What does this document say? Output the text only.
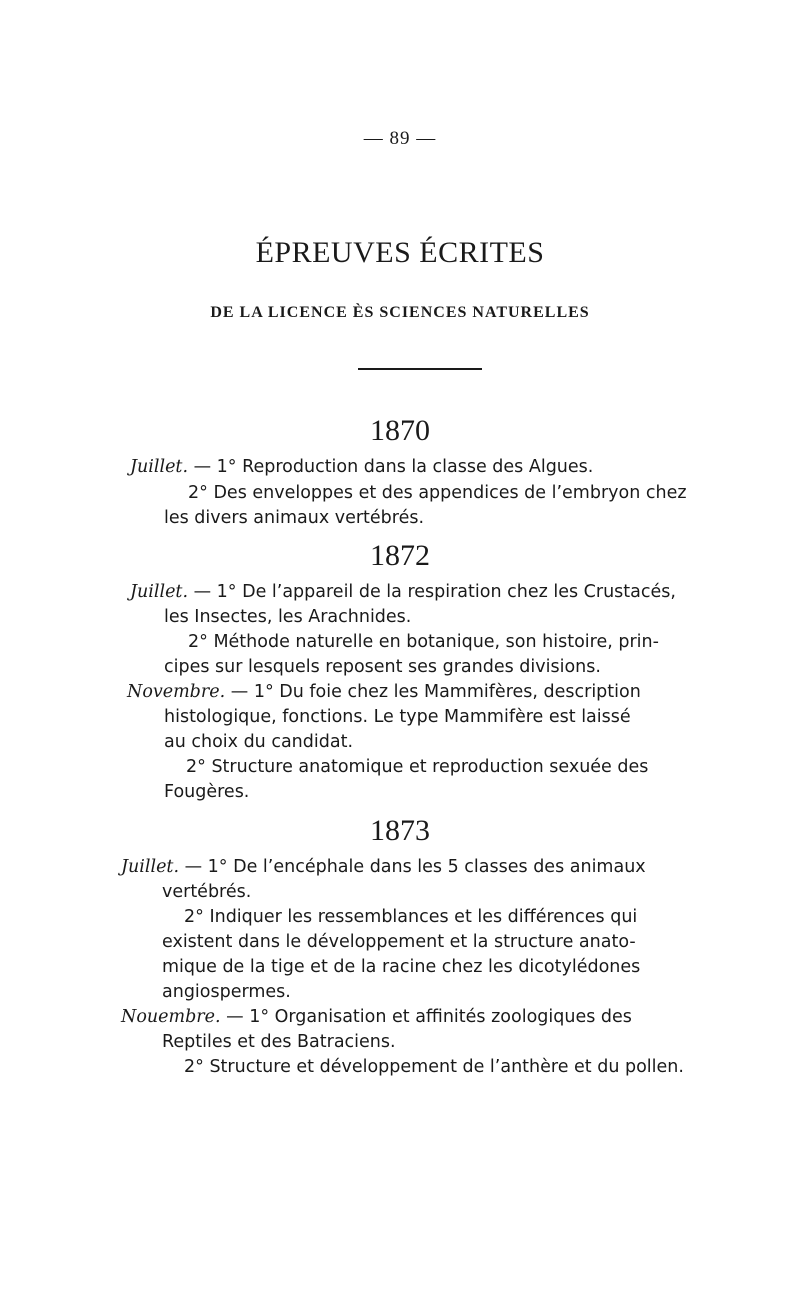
— 89 —
ÉPREUVES ÉCRITES
DE LA LICENCE ÈS SCIENCES NATURELLES
1870
Juillet. — 1° Reproduction dans la classe des Algues.
2° Des enveloppes et des appendices de l’embryon chez
les divers animaux vertébrés.
1872
Juillet. — 1° De l’appareil de la respiration chez les Crustacés,
les Insectes, les Arachnides.
2° Méthode naturelle en botanique, son histoire, prin-
cipes sur lesquels reposent ses grandes divisions.
Novembre. — 1° Du foie chez les Mammifères, description
histologique, fonctions. Le type Mammifère est laissé
au choix du candidat.
2° Structure anatomique et reproduction sexuée des
Fougères.
1873
Juillet. — 1° De l’encéphale dans les 5 classes des animaux
vertébrés.
2° Indiquer les ressemblances et les différences qui
existent dans le développement et la structure anato-
mique de la tige et de la racine chez les dicotylédones
angiospermes.
Nouembre. — 1° Organisation et affinités zoologiques des
Reptiles et des Batraciens.
2° Structure et développement de l’anthère et du pollen.
